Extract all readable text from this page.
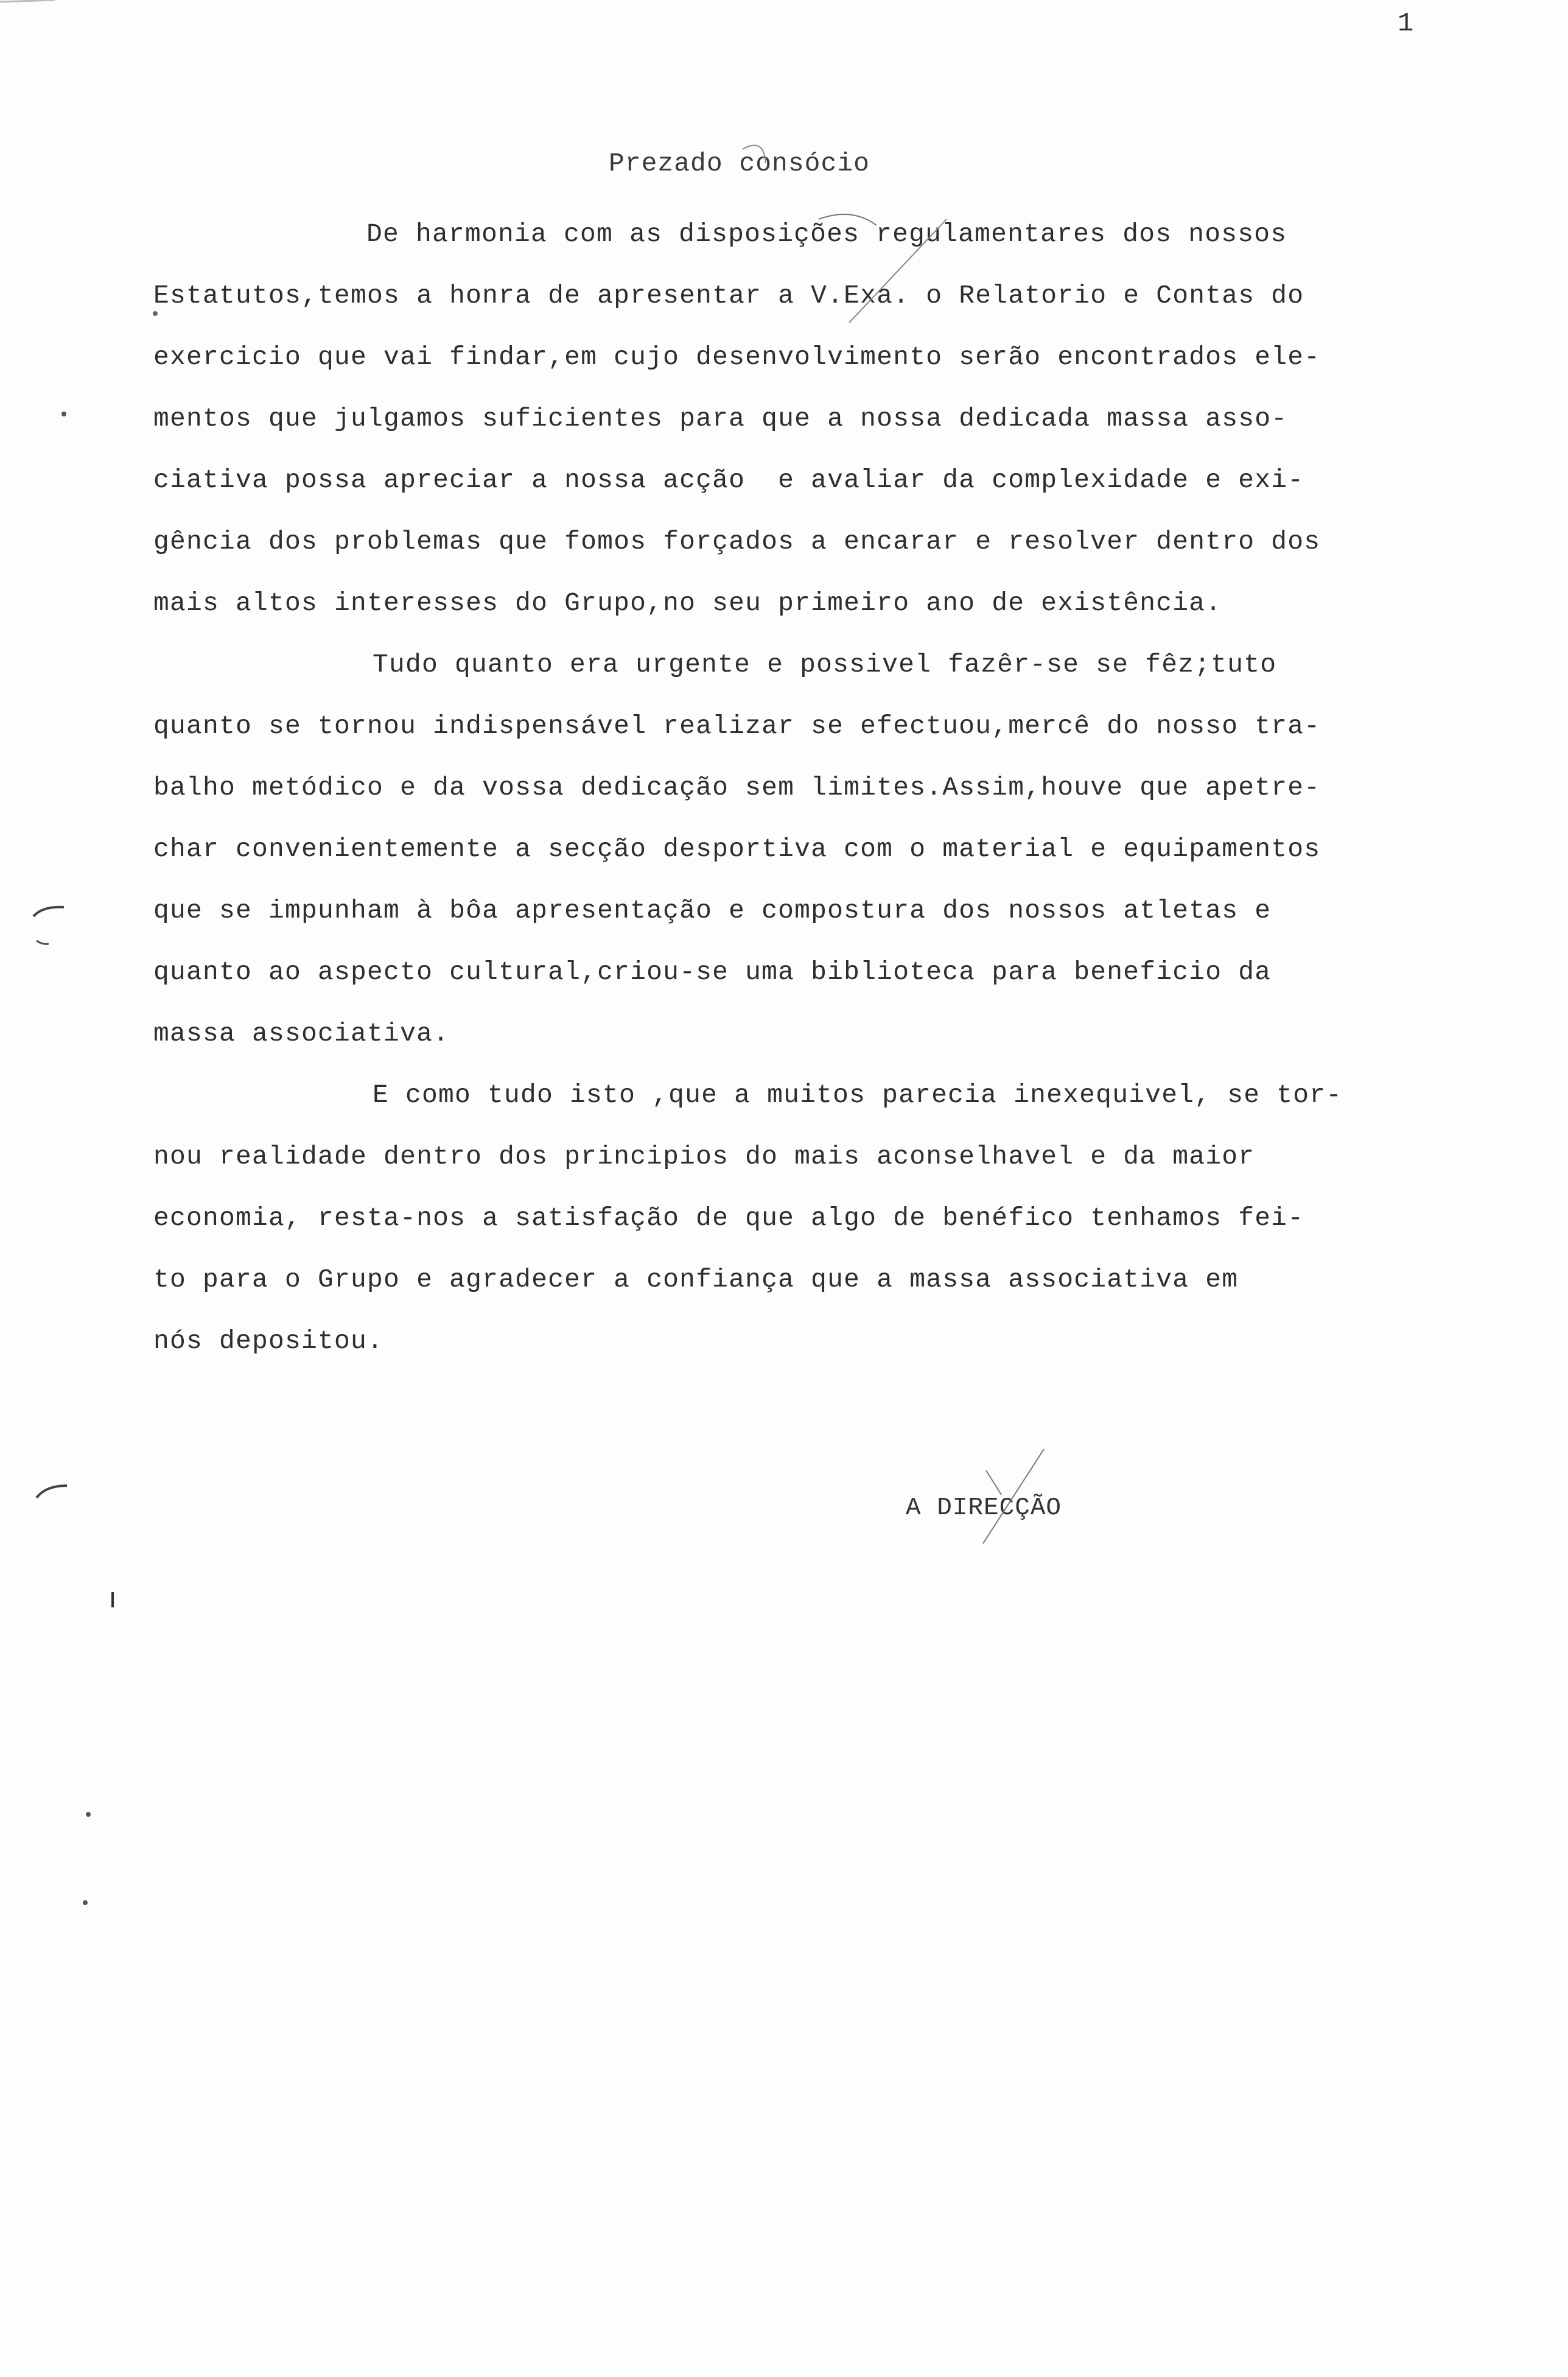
1
Prezado consócio
De harmonia com as disposições regulamentares dos nossos
Estatutos,temos a honra de apresentar a V.Exa. o Relatorio e Contas do
exercicio que vai findar,em cujo desenvolvimento serão encontrados ele-
mentos que julgamos suficientes para que a nossa dedicada massa asso-
ciativa possa apreciar a nossa acção  e avaliar da complexidade e exi-
gência dos problemas que fomos forçados a encarar e resolver dentro dos
mais altos interesses do Grupo,no seu primeiro ano de existência.
Tudo quanto era urgente e possivel fazêr-se se fêz;tuto
quanto se tornou indispensável realizar se efectuou,mercê do nosso tra-
balho metódico e da vossa dedicação sem limites.Assim,houve que apetre-
char convenientemente a secção desportiva com o material e equipamentos
que se impunham à bôa apresentação e compostura dos nossos atletas e
quanto ao aspecto cultural,criou-se uma biblioteca para beneficio da
massa associativa.
E como tudo isto ,que a muitos parecia inexequivel, se tor-
nou realidade dentro dos principios do mais aconselhavel e da maior
economia, resta-nos a satisfação de que algo de benéfico tenhamos fei-
to para o Grupo e agradecer a confiança que a massa associativa em
nós depositou.
A DIRECÇÃO
